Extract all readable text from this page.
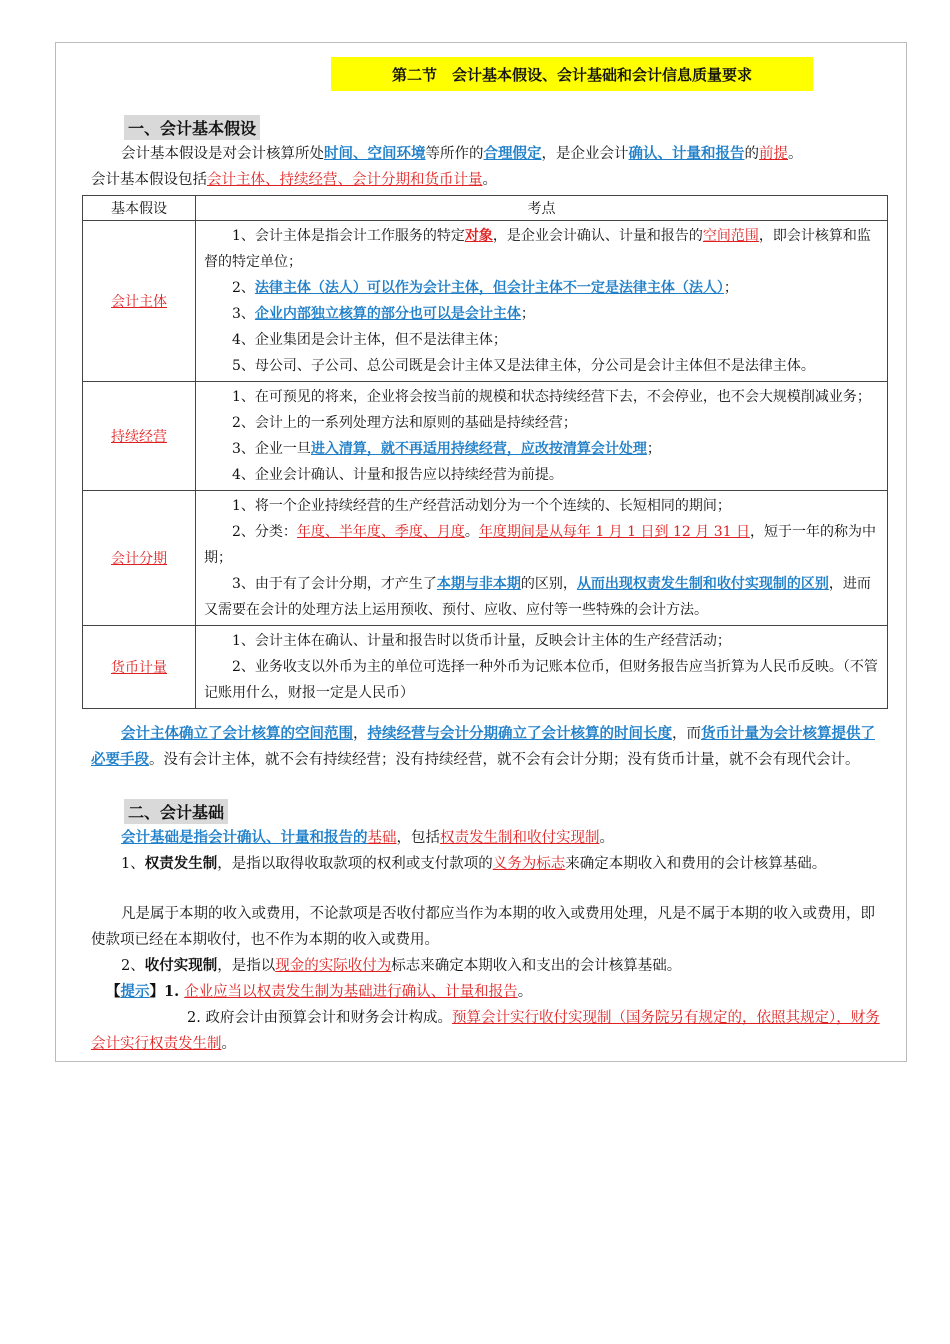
第二节　会计基本假设、会计基础和会计信息质量要求
一、会计基本假设
会计基本假设是对会计核算所处时间、空间环境等所作的合理假定，是企业会计确认、计量和报告的前提。
会计基本假设包括会计主体、持续经营、会计分期和货币计量。
基本假设	考点
会计主体	1、会计主体是指会计工作服务的特定对象，是企业会计确认、计量和报告的空间范围，即会计核算和监督的特定单位；
2、法律主体（法人）可以作为会计主体，但会计主体不一定是法律主体（法人）；
3、企业内部独立核算的部分也可以是会计主体；
4、企业集团是会计主体，但不是法律主体；
5、母公司、子公司、总公司既是会计主体又是法律主体，分公司是会计主体但不是法律主体。

持续经营	1、在可预见的将来，企业将会按当前的规模和状态持续经营下去，不会停业，也不会大规模削减业务；
2、会计上的一系列处理方法和原则的基础是持续经营；
3、企业一旦进入清算，就不再适用持续经营，应改按清算会计处理；
4、企业会计确认、计量和报告应以持续经营为前提。

会计分期	1、将一个企业持续经营的生产经营活动划分为一个个连续的、长短相同的期间；
2、分类：年度、半年度、季度、月度。年度期间是从每年 1 月 1 日到 12 月 31 日，短于一年的称为中期；
3、由于有了会计分期，才产生了本期与非本期的区别，从而出现权责发生制和收付实现制的区别，进而又需要在会计的处理方法上运用预收、预付、应收、应付等一些特殊的会计方法。

货币计量	1、会计主体在确认、计量和报告时以货币计量，反映会计主体的生产经营活动；
2、业务收支以外币为主的单位可选择一种外币为记账本位币，但财务报告应当折算为人民币反映。（不管记账用什么，财报一定是人民币）
会计主体确立了会计核算的空间范围，持续经营与会计分期确立了会计核算的时间长度，而货币计量为会计核算提供了必要手段。没有会计主体，就不会有持续经营；没有持续经营，就不会有会计分期；没有货币计量，就不会有现代会计。
二、会计基础
会计基础是指会计确认、计量和报告的基础，包括权责发生制和收付实现制。
1、权责发生制，是指以取得收取款项的权利或支付款项的义务为标志来确定本期收入和费用的会计核算基础。
凡是属于本期的收入或费用，不论款项是否收付都应当作为本期的收入或费用处理，凡是不属于本期的收入或费用，即使款项已经在本期收付，也不作为本期的收入或费用。
2、收付实现制，是指以现金的实际收付为标志来确定本期收入和支出的会计核算基础。
【提示】1. 企业应当以权责发生制为基础进行确认、计量和报告。
2. 政府会计由预算会计和财务会计构成。预算会计实行收付实现制（国务院另有规定的，依照其规定），财务会计实行权责发生制。
